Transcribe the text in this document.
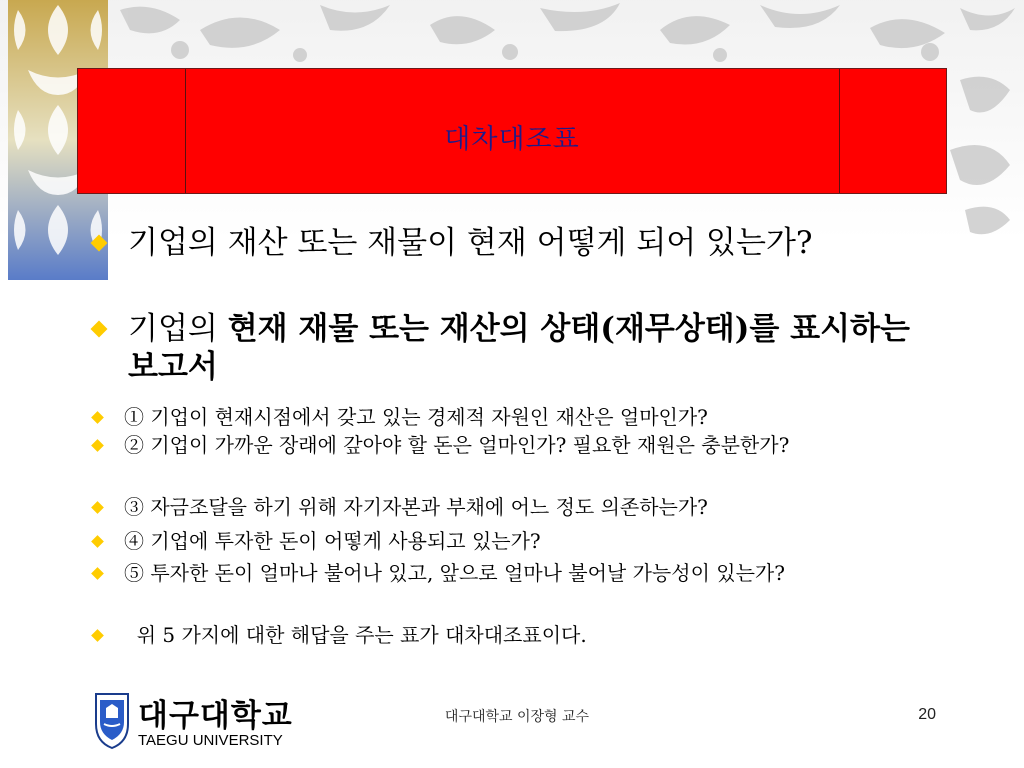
대차대조표
기업의 재산 또는 재물이 현재 어떻게 되어 있는가?
기업의 현재 재물 또는 재산의 상태(재무상태)를 표시하는 보고서
① 기업이 현재시점에서 갖고 있는 경제적 자원인 재산은 얼마인가?
② 기업이 가까운 장래에 갚아야 할 돈은 얼마인가? 필요한 재원은 충분한가?
③ 자금조달을 하기 위해 자기자본과 부채에 어느 정도 의존하는가?
④ 기업에 투자한 돈이 어떻게 사용되고 있는가?
⑤ 투자한 돈이 얼마나 불어나 있고, 앞으로 얼마나 불어날 가능성이 있는가?
위 5 가지에 대한 해답을 주는 표가 대차대조표이다.
대구대학교
TAEGU UNIVERSITY
대구대학교 이장형 교수	20
